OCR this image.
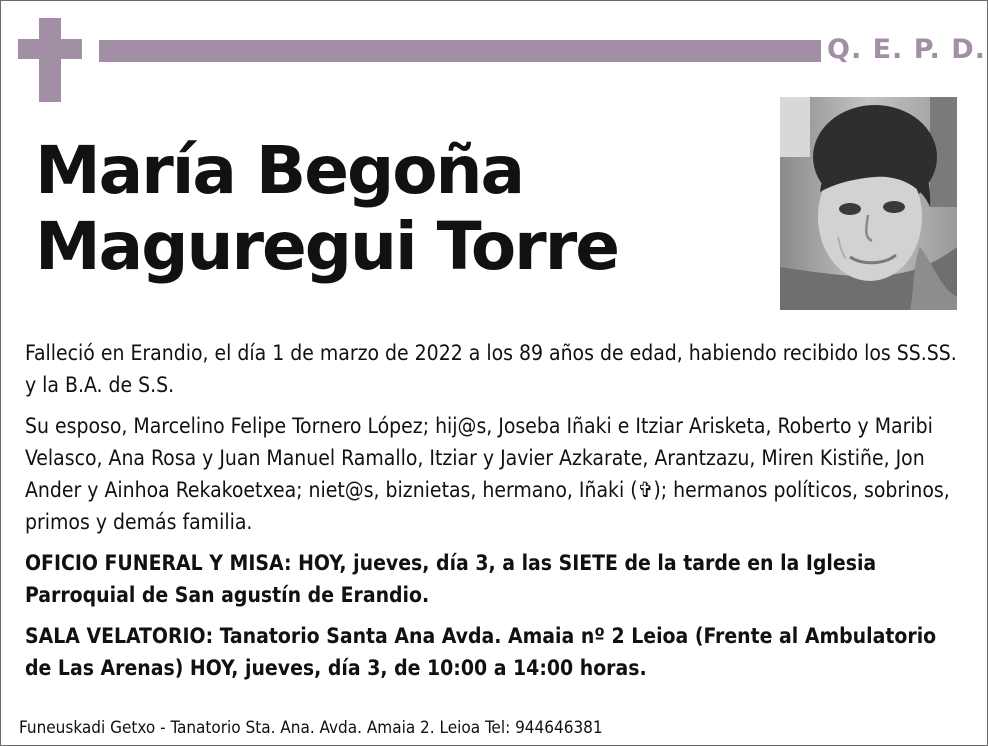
Q. E. P. D.
María Begoña
Maguregui Torre

Falleció en Erandio, el día 1 de marzo de 2022 a los 89 años de edad, habiendo recibido los SS.SS. y la B.A. de S.S.

Su esposo, Marcelino Felipe Tornero López; hij@s, Joseba Iñaki e Itziar Arisketa, Roberto y Maribi Velasco, Ana Rosa y Juan Manuel Ramallo, Itziar y Javier Azkarate, Arantzazu, Miren Kistiñe, Jon Ander y Ainhoa Rekakoetxea; niet@s, biznietas, hermano, Iñaki (✞); hermanos políticos, sobrinos, primos y demás familia.

OFICIO FUNERAL Y MISA: HOY, jueves, día 3, a las SIETE de la tarde en la Iglesia Parroquial de San agustín de Erandio.

SALA VELATORIO: Tanatorio Santa Ana Avda. Amaia nº 2 Leioa (Frente al Ambulatorio de Las Arenas) HOY, jueves, día 3, de 10:00 a 14:00 horas.

Funeuskadi Getxo - Tanatorio Sta. Ana. Avda. Amaia 2. Leioa Tel: 944646381
